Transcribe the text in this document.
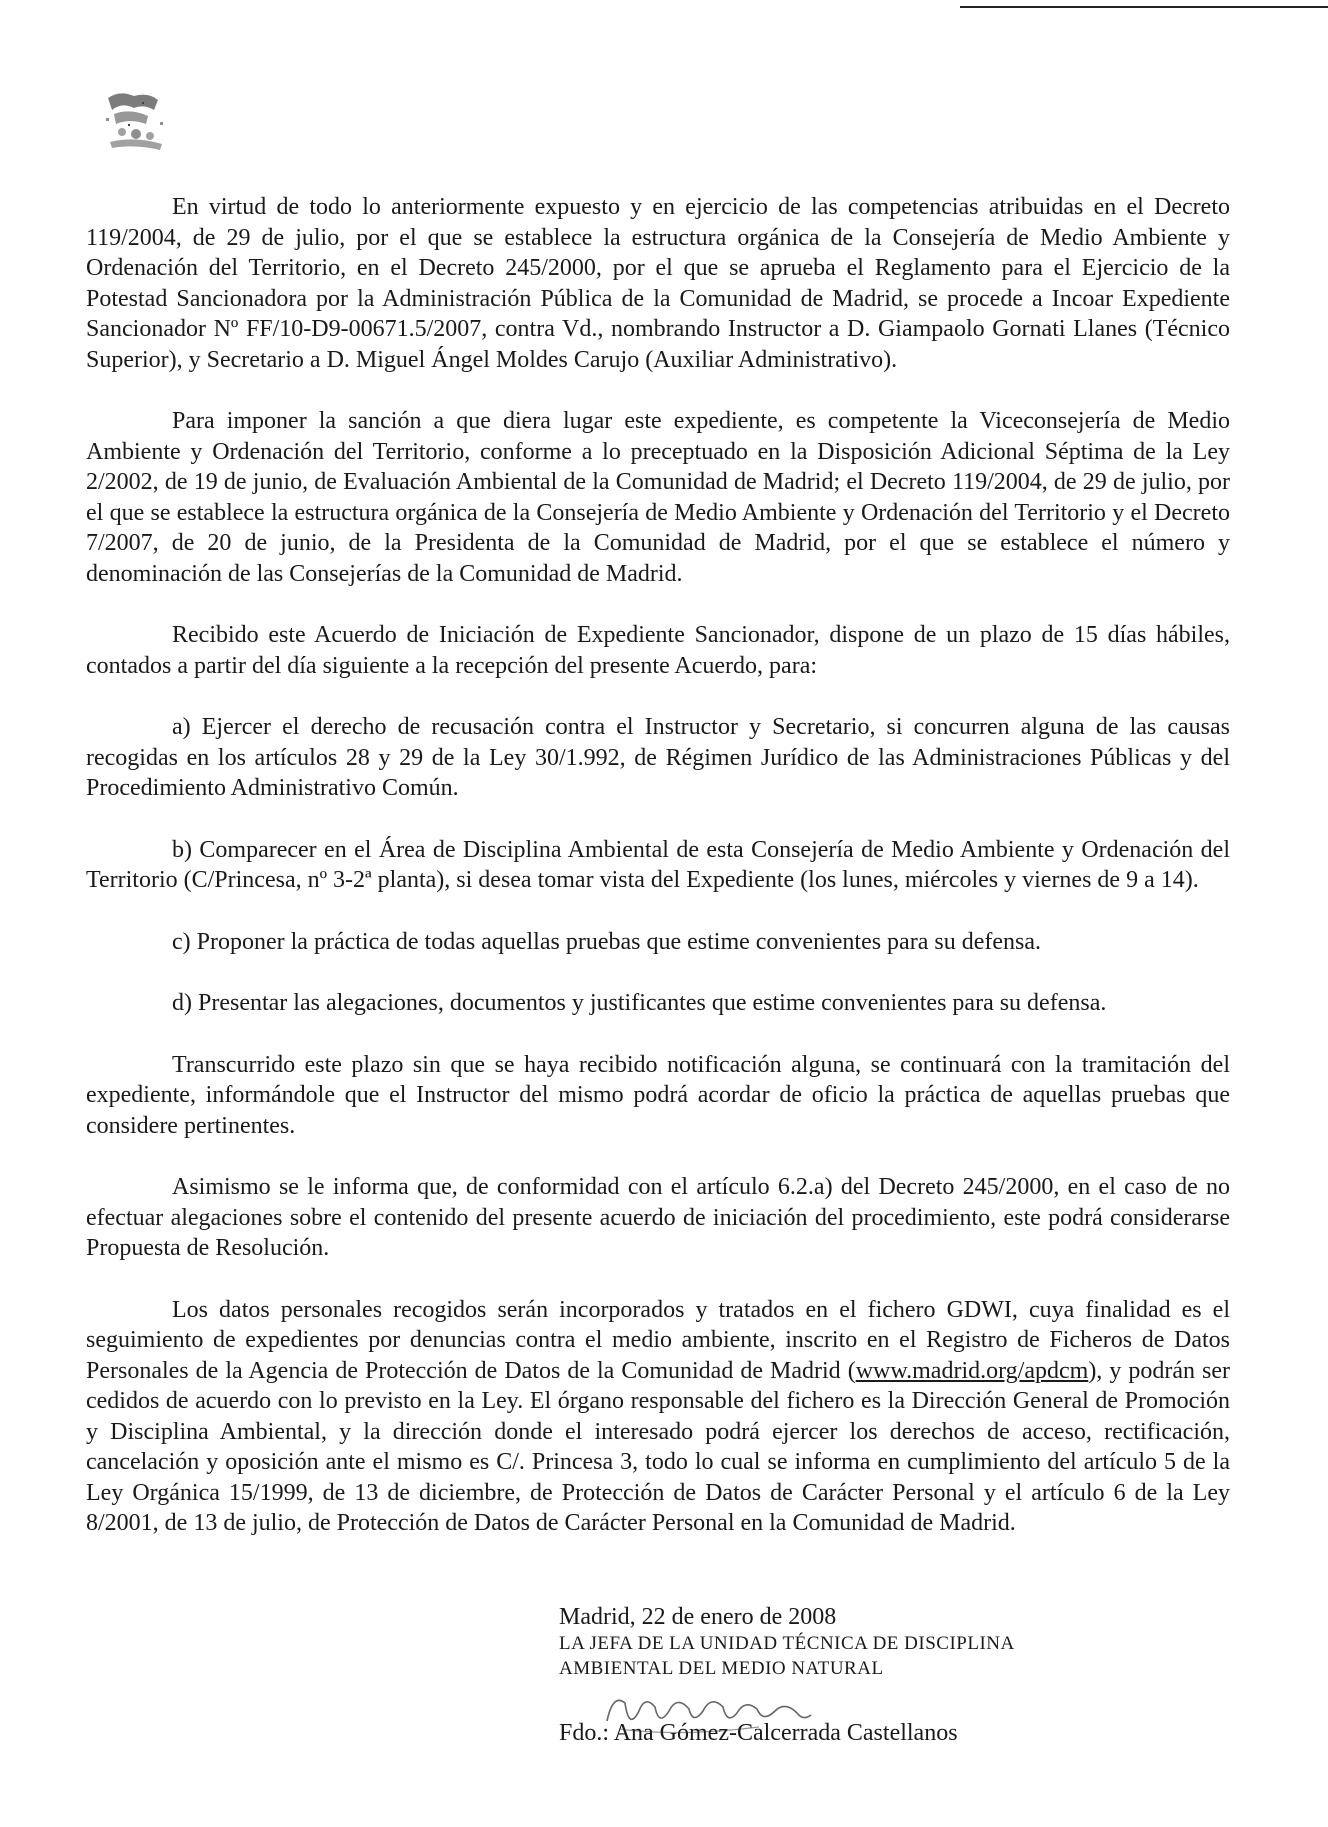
En virtud de todo lo anteriormente expuesto y en ejercicio de las competencias atribuidas en el Decreto 119/2004, de 29 de julio, por el que se establece la estructura orgánica de la Consejería de Medio Ambiente y Ordenación del Territorio, en el Decreto 245/2000, por el que se aprueba el Reglamento para el Ejercicio de la Potestad Sancionadora por la Administración Pública de la Comunidad de Madrid, se procede a Incoar Expediente Sancionador Nº FF/10-D9-00671.5/2007, contra Vd., nombrando Instructor a D. Giampaolo Gornati Llanes (Técnico Superior), y Secretario a D. Miguel Ángel Moldes Carujo (Auxiliar Administrativo).

Para imponer la sanción a que diera lugar este expediente, es competente la Viceconsejería de Medio Ambiente y Ordenación del Territorio, conforme a lo preceptuado en la Disposición Adicional Séptima de la Ley 2/2002, de 19 de junio, de Evaluación Ambiental de la Comunidad de Madrid; el Decreto 119/2004, de 29 de julio, por el que se establece la estructura orgánica de la Consejería de Medio Ambiente y Ordenación del Territorio y el Decreto 7/2007, de 20 de junio, de la Presidenta de la Comunidad de Madrid, por el que se establece el número y denominación de las Consejerías de la Comunidad de Madrid.

Recibido este Acuerdo de Iniciación de Expediente Sancionador, dispone de un plazo de 15 días hábiles, contados a partir del día siguiente a la recepción del presente Acuerdo, para:

a) Ejercer el derecho de recusación contra el Instructor y Secretario, si concurren alguna de las causas recogidas en los artículos 28 y 29 de la Ley 30/1.992, de Régimen Jurídico de las Administraciones Públicas y del Procedimiento Administrativo Común.

b) Comparecer en el Área de Disciplina Ambiental de esta Consejería de Medio Ambiente y Ordenación del Territorio (C/Princesa, nº 3-2ª planta), si desea tomar vista del Expediente (los lunes, miércoles y viernes de 9 a 14).

c) Proponer la práctica de todas aquellas pruebas que estime convenientes para su defensa.

d) Presentar las alegaciones, documentos y justificantes que estime convenientes para su defensa.

Transcurrido este plazo sin que se haya recibido notificación alguna, se continuará con la tramitación del expediente, informándole que el Instructor del mismo podrá acordar de oficio la práctica de aquellas pruebas que considere pertinentes.

Asimismo se le informa que, de conformidad con el artículo 6.2.a) del Decreto 245/2000, en el caso de no efectuar alegaciones sobre el contenido del presente acuerdo de iniciación del procedimiento, este podrá considerarse Propuesta de Resolución.

Los datos personales recogidos serán incorporados y tratados en el fichero GDWI, cuya finalidad es el seguimiento de expedientes por denuncias contra el medio ambiente, inscrito en el Registro de Ficheros de Datos Personales de la Agencia de Protección de Datos de la Comunidad de Madrid (www.madrid.org/apdcm), y podrán ser cedidos de acuerdo con lo previsto en la Ley. El órgano responsable del fichero es la Dirección General de Promoción y Disciplina Ambiental, y la dirección donde el interesado podrá ejercer los derechos de acceso, rectificación, cancelación y oposición ante el mismo es C/. Princesa 3, todo lo cual se informa en cumplimiento del artículo 5 de la Ley Orgánica 15/1999, de 13 de diciembre, de Protección de Datos de Carácter Personal y el artículo 6 de la Ley 8/2001, de 13 de julio, de Protección de Datos de Carácter Personal en la Comunidad de Madrid.

Madrid, 22 de enero de 2008
LA JEFA DE LA UNIDAD TÉCNICA DE DISCIPLINA
AMBIENTAL DEL MEDIO NATURAL
Fdo.: Ana Gómez-Calcerrada Castellanos
